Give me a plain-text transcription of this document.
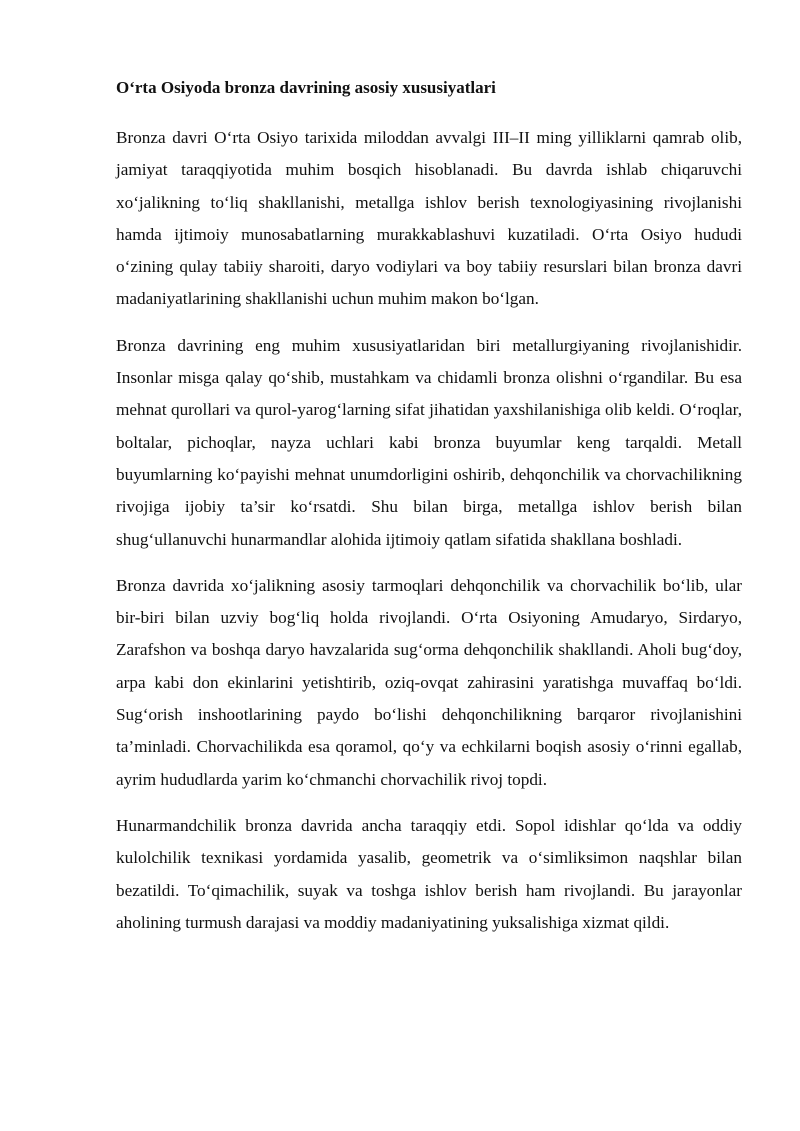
O‘rta Osiyoda bronza davrining asosiy xususiyatlari

Bronza davri O‘rta Osiyo tarixida miloddan avvalgi III–II ming yilliklarni qamrab olib, jamiyat taraqqiyotida muhim bosqich hisoblanadi. Bu davrda ishlab chiqaruvchi xo‘jalikning to‘liq shakllanishi, metallga ishlov berish texnologiyasining rivojlanishi hamda ijtimoiy munosabatlarning murakkablashuvi kuzatiladi. O‘rta Osiyo hududi o‘zining qulay tabiiy sharoiti, daryo vodiylari va boy tabiiy resurslari bilan bronza davri madaniyatlarining shakllanishi uchun muhim makon bo‘lgan.

Bronza davrining eng muhim xususiyatlaridan biri metallurgiyaning rivojlanishidir. Insonlar misga qalay qo‘shib, mustahkam va chidamli bronza olishni o‘rgandilar. Bu esa mehnat qurollari va qurol-yarog‘larning sifat jihatidan yaxshilanishiga olib keldi. O‘roqlar, boltalar, pichoqlar, nayza uchlari kabi bronza buyumlar keng tarqaldi. Metall buyumlarning ko‘payishi mehnat unumdorligini oshirib, dehqonchilik va chorvachilikning rivojiga ijobiy ta’sir ko‘rsatdi. Shu bilan birga, metallga ishlov berish bilan shug‘ullanuvchi hunarmandlar alohida ijtimoiy qatlam sifatida shakllana boshladi.

Bronza davrida xo‘jalikning asosiy tarmoqlari dehqonchilik va chorvachilik bo‘lib, ular bir-biri bilan uzviy bog‘liq holda rivojlandi. O‘rta Osiyoning Amudaryo, Sirdaryo, Zarafshon va boshqa daryo havzalarida sug‘orma dehqonchilik shakllandi. Aholi bug‘doy, arpa kabi don ekinlarini yetishtirib, oziq-ovqat zahirasini yaratishga muvaffaq bo‘ldi. Sug‘orish inshootlarining paydo bo‘lishi dehqonchilikning barqaror rivojlanishini ta’minladi. Chorvachilikda esa qoramol, qo‘y va echkilarni boqish asosiy o‘rinni egallab, ayrim hududlarda yarim ko‘chmanchi chorvachilik rivoj topdi.

Hunarmandchilik bronza davrida ancha taraqqiy etdi. Sopol idishlar qo‘lda va oddiy kulolchilik texnikasi yordamida yasalib, geometrik va o‘simliksimon naqshlar bilan bezatildi. To‘qimachilik, suyak va toshga ishlov berish ham rivojlandi. Bu jarayonlar aholining turmush darajasi va moddiy madaniyatining yuksalishiga xizmat qildi.
